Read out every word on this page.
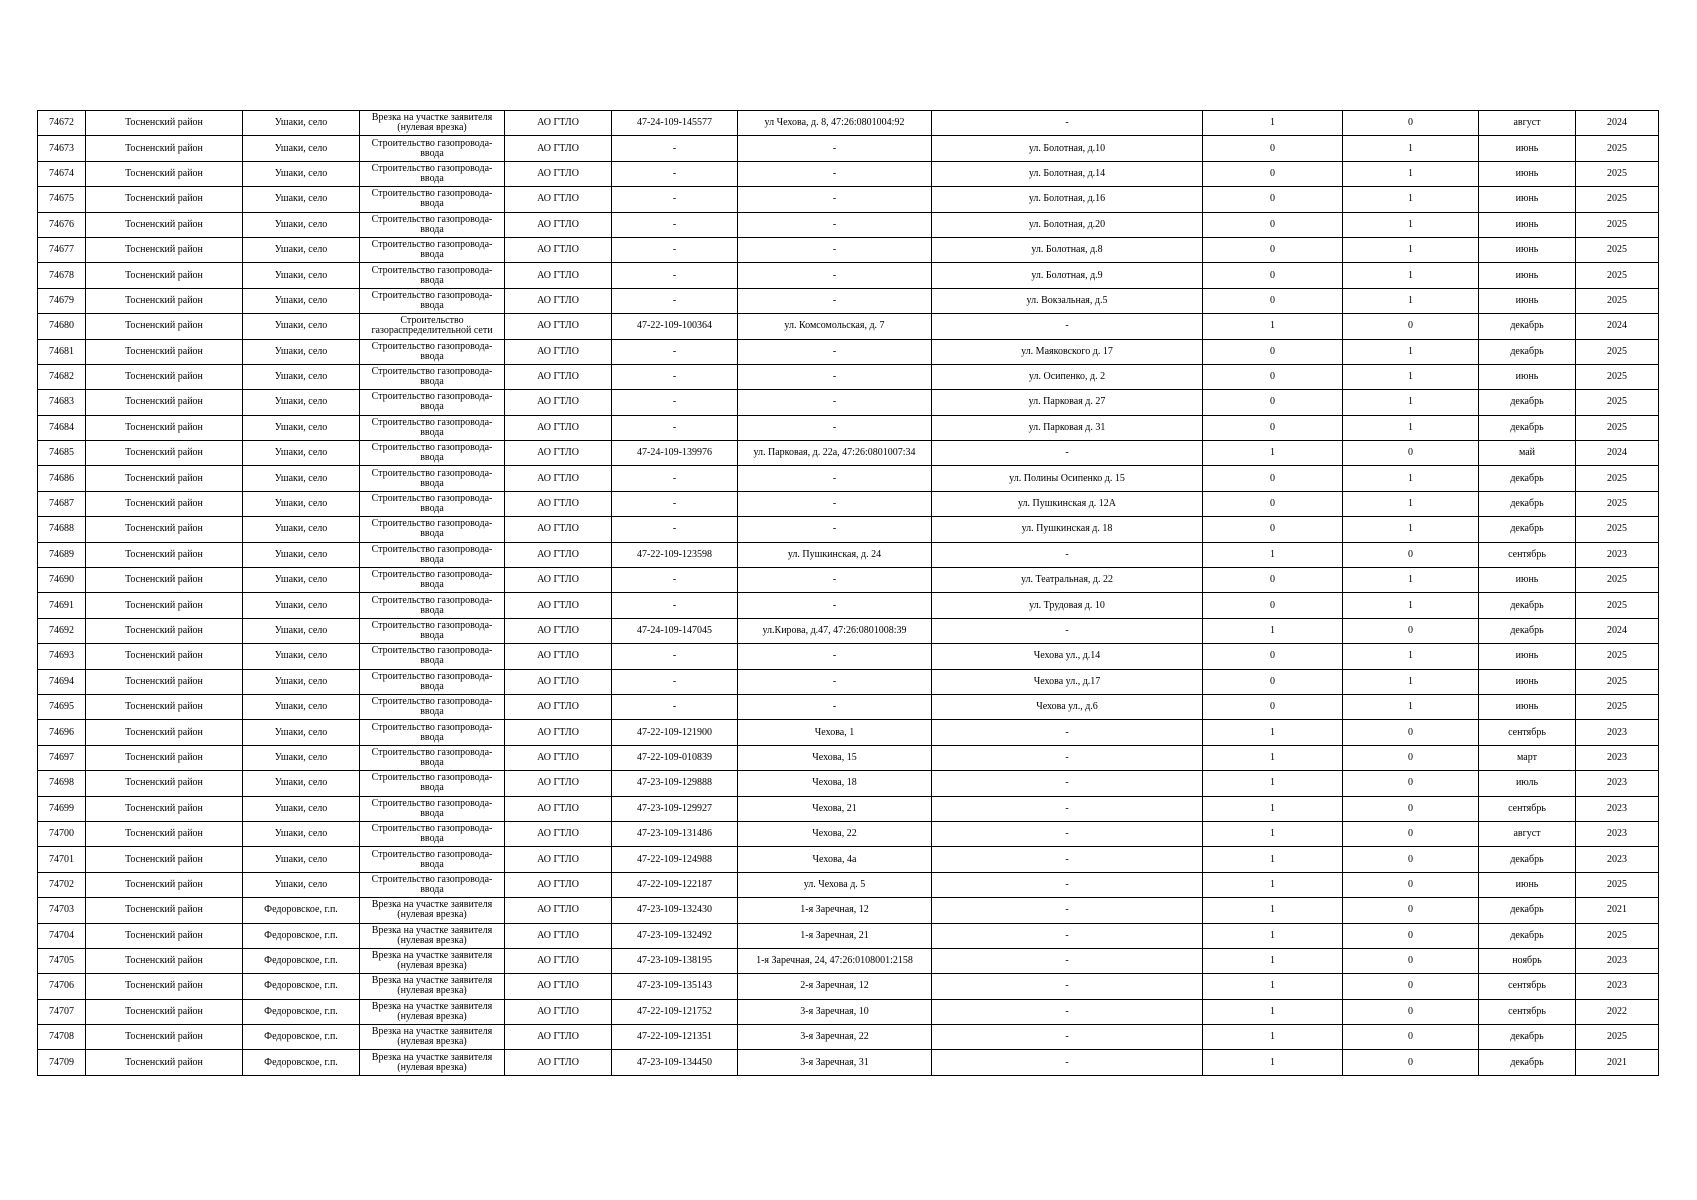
74672	Тосненский район	Ушаки, село	Врезка на участке заявителя (нулевая врезка)	АО ГТЛО	47-24-109-145577	ул Чехова, д. 8, 47:26:0801004:92	-	1	0	август	2024
74673	Тосненский район	Ушаки, село	Строительство газопровода-ввода	АО ГТЛО	-	-	ул. Болотная, д.10	0	1	июнь	2025
74674	Тосненский район	Ушаки, село	Строительство газопровода-ввода	АО ГТЛО	-	-	ул. Болотная, д.14	0	1	июнь	2025
74675	Тосненский район	Ушаки, село	Строительство газопровода-ввода	АО ГТЛО	-	-	ул. Болотная, д.16	0	1	июнь	2025
74676	Тосненский район	Ушаки, село	Строительство газопровода-ввода	АО ГТЛО	-	-	ул. Болотная, д.20	0	1	июнь	2025
74677	Тосненский район	Ушаки, село	Строительство газопровода-ввода	АО ГТЛО	-	-	ул. Болотная, д.8	0	1	июнь	2025
74678	Тосненский район	Ушаки, село	Строительство газопровода-ввода	АО ГТЛО	-	-	ул. Болотная, д.9	0	1	июнь	2025
74679	Тосненский район	Ушаки, село	Строительство газопровода-ввода	АО ГТЛО	-	-	ул. Вокзальная, д.5	0	1	июнь	2025
74680	Тосненский район	Ушаки, село	Строительство газораспределительной сети	АО ГТЛО	47-22-109-100364	ул. Комсомольская, д. 7	-	1	0	декабрь	2024
74681	Тосненский район	Ушаки, село	Строительство газопровода-ввода	АО ГТЛО	-	-	ул. Маяковского д. 17	0	1	декабрь	2025
74682	Тосненский район	Ушаки, село	Строительство газопровода-ввода	АО ГТЛО	-	-	ул. Осипенко, д. 2	0	1	июнь	2025
74683	Тосненский район	Ушаки, село	Строительство газопровода-ввода	АО ГТЛО	-	-	ул. Парковая д. 27	0	1	декабрь	2025
74684	Тосненский район	Ушаки, село	Строительство газопровода-ввода	АО ГТЛО	-	-	ул. Парковая д. 31	0	1	декабрь	2025
74685	Тосненский район	Ушаки, село	Строительство газопровода-ввода	АО ГТЛО	47-24-109-139976	ул. Парковая, д. 22а, 47:26:0801007:34	-	1	0	май	2024
74686	Тосненский район	Ушаки, село	Строительство газопровода-ввода	АО ГТЛО	-	-	ул. Полины Осипенко д. 15	0	1	декабрь	2025
74687	Тосненский район	Ушаки, село	Строительство газопровода-ввода	АО ГТЛО	-	-	ул. Пушкинская д. 12А	0	1	декабрь	2025
74688	Тосненский район	Ушаки, село	Строительство газопровода-ввода	АО ГТЛО	-	-	ул. Пушкинская д. 18	0	1	декабрь	2025
74689	Тосненский район	Ушаки, село	Строительство газопровода-ввода	АО ГТЛО	47-22-109-123598	ул. Пушкинская, д. 24	-	1	0	сентябрь	2023
74690	Тосненский район	Ушаки, село	Строительство газопровода-ввода	АО ГТЛО	-	-	ул. Театральная, д. 22	0	1	июнь	2025
74691	Тосненский район	Ушаки, село	Строительство газопровода-ввода	АО ГТЛО	-	-	ул. Трудовая д. 10	0	1	декабрь	2025
74692	Тосненский район	Ушаки, село	Строительство газопровода-ввода	АО ГТЛО	47-24-109-147045	ул.Кирова, д.47, 47:26:0801008:39	-	1	0	декабрь	2024
74693	Тосненский район	Ушаки, село	Строительство газопровода-ввода	АО ГТЛО	-	-	Чехова ул., д.14	0	1	июнь	2025
74694	Тосненский район	Ушаки, село	Строительство газопровода-ввода	АО ГТЛО	-	-	Чехова ул., д.17	0	1	июнь	2025
74695	Тосненский район	Ушаки, село	Строительство газопровода-ввода	АО ГТЛО	-	-	Чехова ул., д.6	0	1	июнь	2025
74696	Тосненский район	Ушаки, село	Строительство газопровода-ввода	АО ГТЛО	47-22-109-121900	Чехова, 1	-	1	0	сентябрь	2023
74697	Тосненский район	Ушаки, село	Строительство газопровода-ввода	АО ГТЛО	47-22-109-010839	Чехова, 15	-	1	0	март	2023
74698	Тосненский район	Ушаки, село	Строительство газопровода-ввода	АО ГТЛО	47-23-109-129888	Чехова, 18	-	1	0	июль	2023
74699	Тосненский район	Ушаки, село	Строительство газопровода-ввода	АО ГТЛО	47-23-109-129927	Чехова, 21	-	1	0	сентябрь	2023
74700	Тосненский район	Ушаки, село	Строительство газопровода-ввода	АО ГТЛО	47-23-109-131486	Чехова, 22	-	1	0	август	2023
74701	Тосненский район	Ушаки, село	Строительство газопровода-ввода	АО ГТЛО	47-22-109-124988	Чехова, 4а	-	1	0	декабрь	2023
74702	Тосненский район	Ушаки, село	Строительство газопровода-ввода	АО ГТЛО	47-22-109-122187	ул. Чехова д. 5	-	1	0	июнь	2025
74703	Тосненский район	Федоровское, г.п.	Врезка на участке заявителя (нулевая врезка)	АО ГТЛО	47-23-109-132430	1-я Заречная, 12	-	1	0	декабрь	2021
74704	Тосненский район	Федоровское, г.п.	Врезка на участке заявителя (нулевая врезка)	АО ГТЛО	47-23-109-132492	1-я Заречная, 21	-	1	0	декабрь	2025
74705	Тосненский район	Федоровское, г.п.	Врезка на участке заявителя (нулевая врезка)	АО ГТЛО	47-23-109-138195	1-я Заречная, 24, 47:26:0108001:2158	-	1	0	ноябрь	2023
74706	Тосненский район	Федоровское, г.п.	Врезка на участке заявителя (нулевая врезка)	АО ГТЛО	47-23-109-135143	2-я Заречная, 12	-	1	0	сентябрь	2023
74707	Тосненский район	Федоровское, г.п.	Врезка на участке заявителя (нулевая врезка)	АО ГТЛО	47-22-109-121752	3-я Заречная, 10	-	1	0	сентябрь	2022
74708	Тосненский район	Федоровское, г.п.	Врезка на участке заявителя (нулевая врезка)	АО ГТЛО	47-22-109-121351	3-я Заречная, 22	-	1	0	декабрь	2025
74709	Тосненский район	Федоровское, г.п.	Врезка на участке заявителя (нулевая врезка)	АО ГТЛО	47-23-109-134450	3-я Заречная, 31	-	1	0	декабрь	2021
